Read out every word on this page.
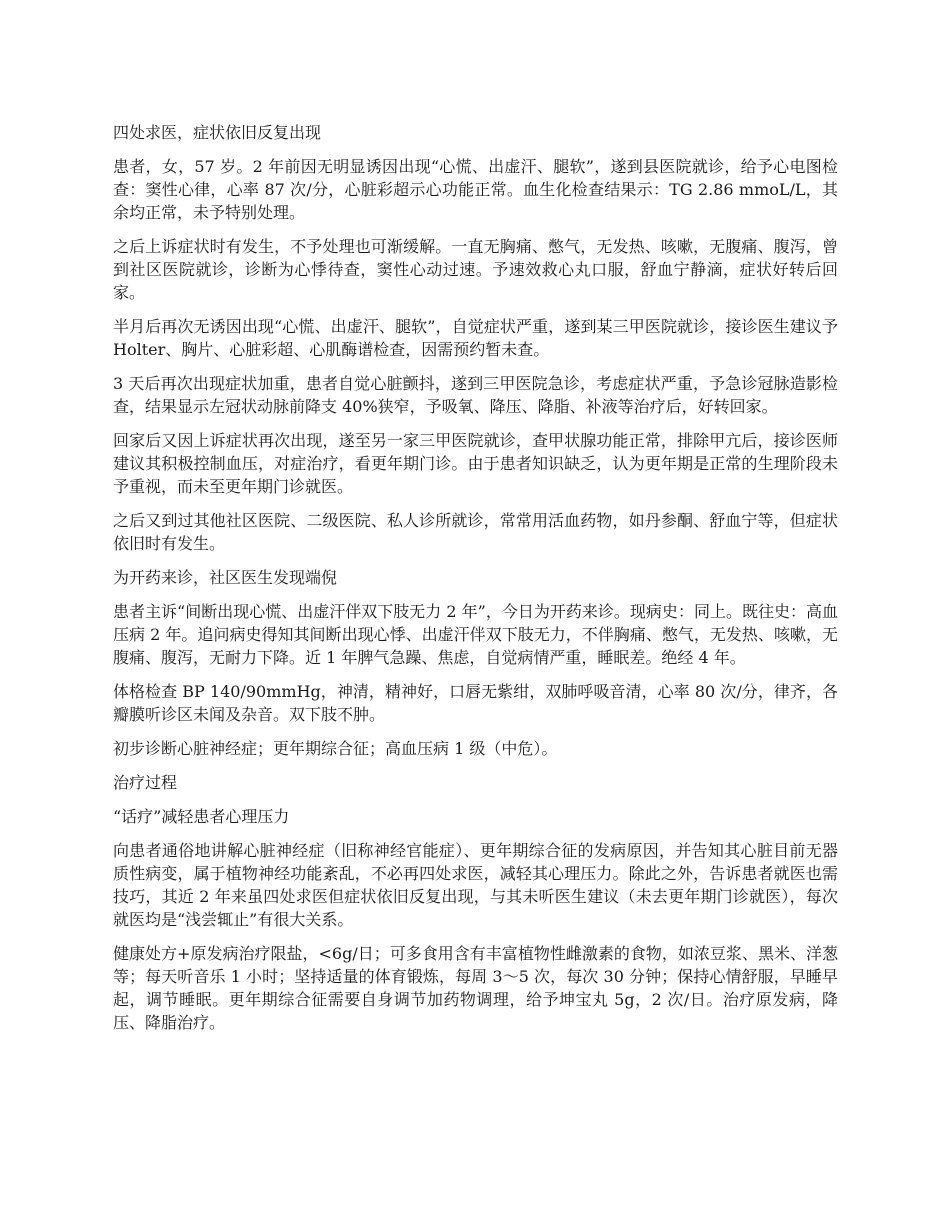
四处求医，症状依旧反复出现

患者，女，57 岁。2 年前因无明显诱因出现“心慌、出虚汗、腿软”，遂到县医院就诊，给予心电图检查：窦性心律，心率 87 次/分，心脏彩超示心功能正常。血生化检查结果示：TG 2.86 mmoL/L，其余均正常，未予特别处理。

之后上诉症状时有发生，不予处理也可渐缓解。一直无胸痛、憋气，无发热、咳嗽，无腹痛、腹泻，曾到社区医院就诊，诊断为心悸待查，窦性心动过速。予速效救心丸口服，舒血宁静滴，症状好转后回家。

半月后再次无诱因出现“心慌、出虚汗、腿软”，自觉症状严重，遂到某三甲医院就诊，接诊医生建议予 Holter、胸片、心脏彩超、心肌酶谱检查，因需预约暂未查。

3 天后再次出现症状加重，患者自觉心脏颤抖，遂到三甲医院急诊，考虑症状严重，予急诊冠脉造影检查，结果显示左冠状动脉前降支 40%狭窄，予吸氧、降压、降脂、补液等治疗后，好转回家。

回家后又因上诉症状再次出现，遂至另一家三甲医院就诊，查甲状腺功能正常，排除甲亢后，接诊医师建议其积极控制血压，对症治疗，看更年期门诊。由于患者知识缺乏，认为更年期是正常的生理阶段未予重视，而未至更年期门诊就医。

之后又到过其他社区医院、二级医院、私人诊所就诊，常常用活血药物，如丹参酮、舒血宁等，但症状依旧时有发生。

为开药来诊，社区医生发现端倪

患者主诉“间断出现心慌、出虚汗伴双下肢无力 2 年”，今日为开药来诊。现病史：同上。既往史：高血压病 2 年。追问病史得知其间断出现心悸、出虚汗伴双下肢无力，不伴胸痛、憋气，无发热、咳嗽，无腹痛、腹泻，无耐力下降。近 1 年脾气急躁、焦虑，自觉病情严重，睡眠差。绝经 4 年。

体格检查 BP 140/90mmHg，神清，精神好，口唇无紫绀，双肺呼吸音清，心率 80 次/分，律齐，各瓣膜听诊区未闻及杂音。双下肢不肿。

初步诊断心脏神经症；更年期综合征；高血压病 1 级（中危）。

治疗过程

“话疗”减轻患者心理压力

向患者通俗地讲解心脏神经症（旧称神经官能症）、更年期综合征的发病原因，并告知其心脏目前无器质性病变，属于植物神经功能紊乱，不必再四处求医，减轻其心理压力。除此之外，告诉患者就医也需技巧，其近 2 年来虽四处求医但症状依旧反复出现，与其未听医生建议（未去更年期门诊就医），每次就医均是“浅尝辄止”有很大关系。

健康处方+原发病治疗限盐，<6g/日；可多食用含有丰富植物性雌激素的食物，如浓豆浆、黑米、洋葱等；每天听音乐 1 小时；坚持适量的体育锻炼，每周 3～5 次，每次 30 分钟；保持心情舒服，早睡早起，调节睡眠。更年期综合征需要自身调节加药物调理，给予坤宝丸 5g，2 次/日。治疗原发病，降压、降脂治疗。
